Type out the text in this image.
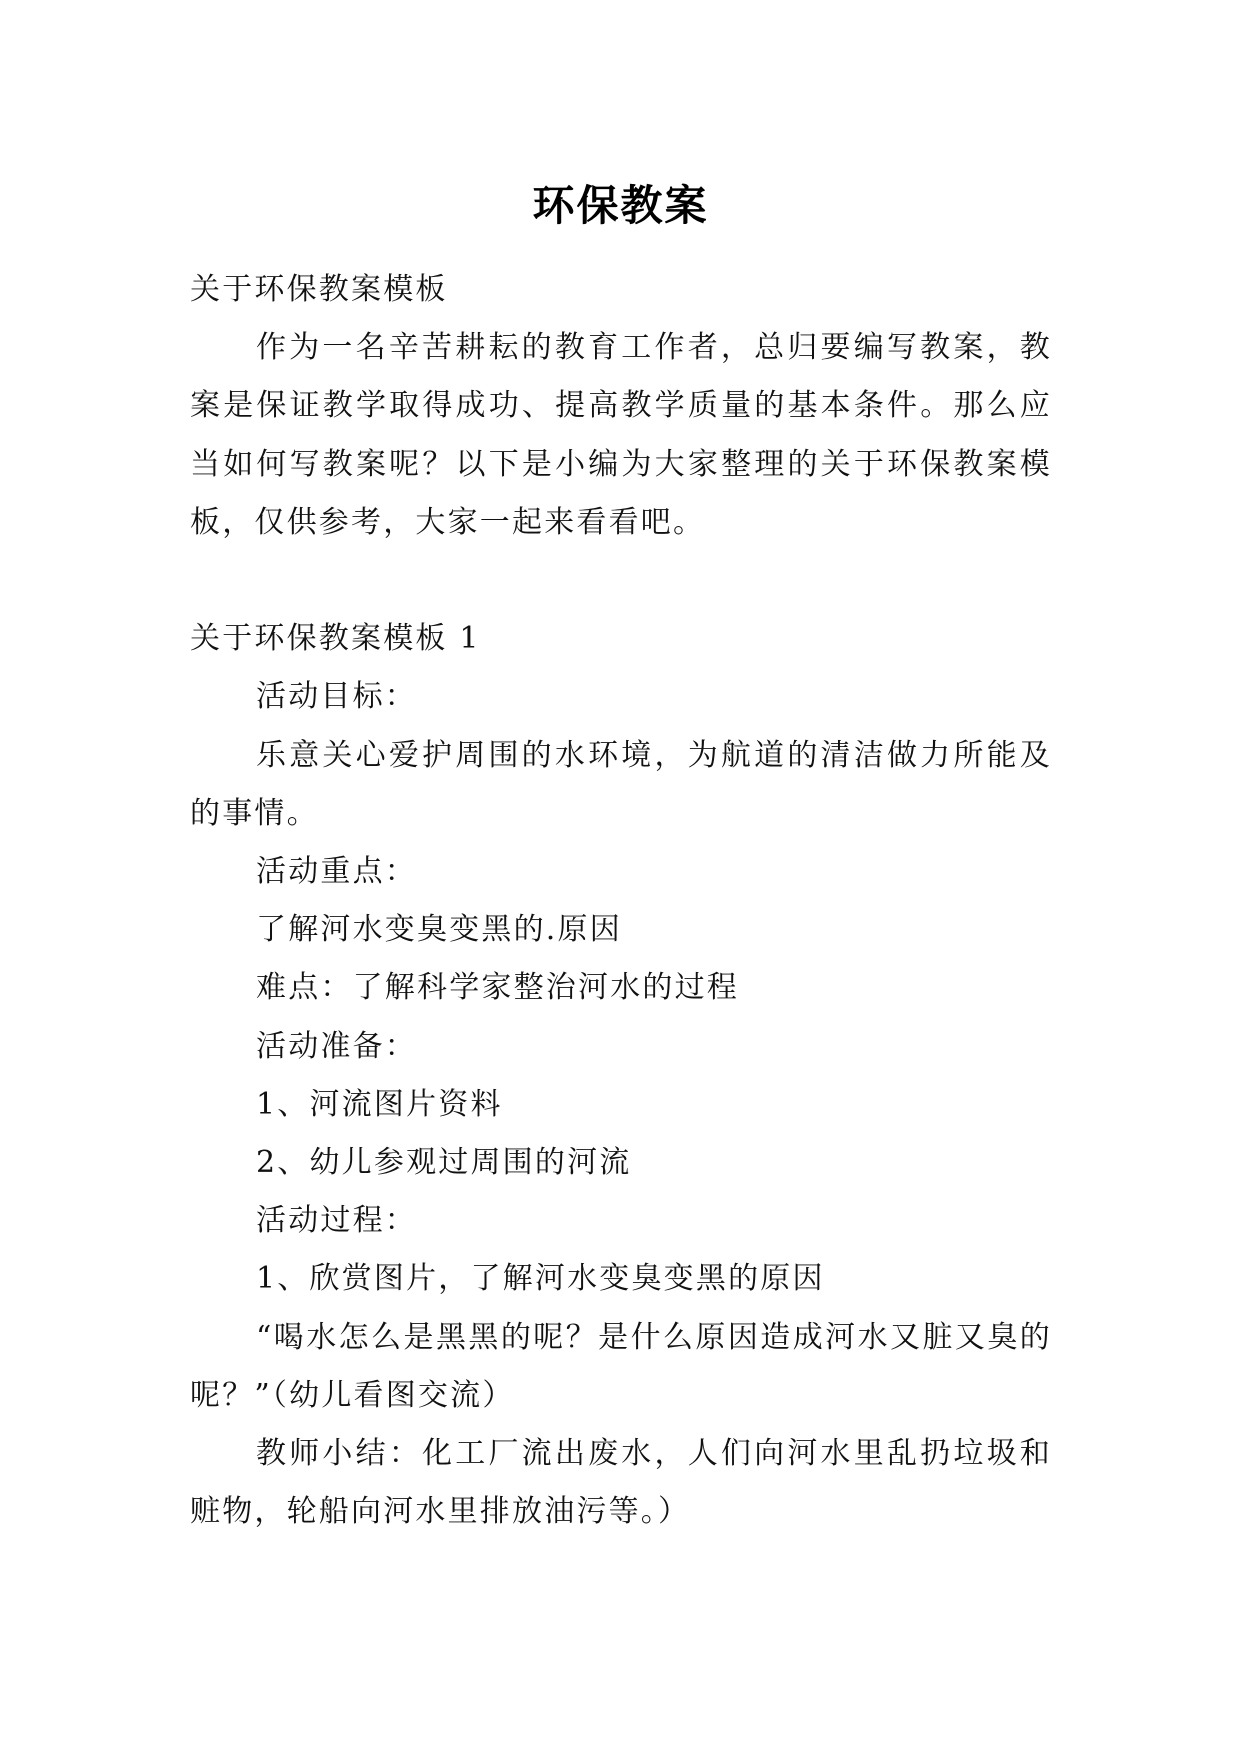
环保教案

关于环保教案模板

作为一名辛苦耕耘的教育工作者，总归要编写教案，教案是保证教学取得成功、提高教学质量的基本条件。那么应当如何写教案呢？以下是小编为大家整理的关于环保教案模板，仅供参考，大家一起来看看吧。

关于环保教案模板 1

活动目标：

乐意关心爱护周围的水环境，为航道的清洁做力所能及的事情。

活动重点：

了解河水变臭变黑的.原因

难点：了解科学家整治河水的过程

活动准备：

1、河流图片资料

2、幼儿参观过周围的河流

活动过程：

1、欣赏图片，了解河水变臭变黑的原因

“喝水怎么是黑黑的呢？是什么原因造成河水又脏又臭的呢？”（幼儿看图交流）

教师小结：化工厂流出废水，人们向河水里乱扔垃圾和赃物，轮船向河水里排放油污等。）
